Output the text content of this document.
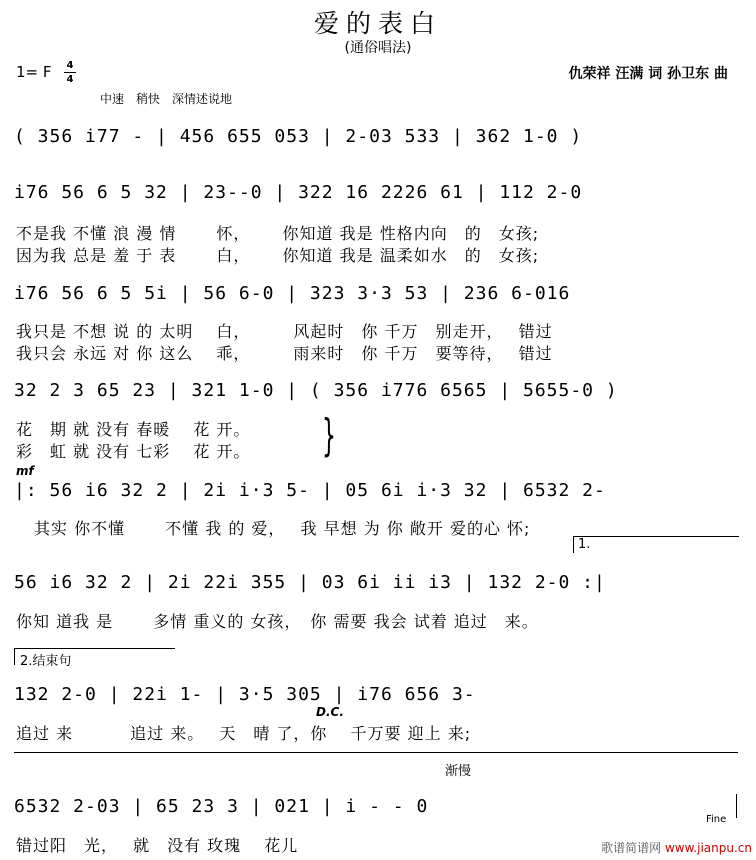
爱的表白
(通俗唱法)
1= F 4
4	仇荣祥 汪满 词 孙卫东 曲
中速　稍快　深情述说地
( 356 i77 - | 456 655 053 | 2-03 533 | 362 1-0 )
i76 56 6 5 32 | 23--0 | 322 16 2226 61 | 112 2-0
不是我 不懂 浪 漫 情　　 怀，　　 你知道 我是 性格内向　的　女孩;
因为我 总是 羞 于 表　　 白，　　 你知道 我是 温柔如水　的　女孩;
i76 56 6 5 5i | 56 6-0 | 323 3·3 53 | 236 6-016
我只是 不想 说 的 太明　 白，　　　风起时　你 千万　别走开，　 错过
我只会 永远 对 你 这么　 乖，　　　雨来时　你 千万　要等待，　 错过
32 2 3 65 23 | 321 1-0 | ( 356 i776 6565 | 5655-0 )
花　期 就 没有 春暖　 花 开。
彩　虹 就 没有 七彩　 花 开。 }
mf
|: 56 i6 32 2 | 2i i·3 5- | 05 6i i·3 32 | 6532 2-
其实 你不懂　　 不懂 我 的 爱，　 我 早想 为 你 敞开 爱的心 怀;
1.
56 i6 32 2 | 2i 22i 355 | 03 6i ii i3 | 132 2-0 :|
你知 道我 是　　 多情 重义的 女孩，　你 需要 我会 试着 追过　来。
2.结束句
132 2-0 | 22i 1- | 3·5 305 | i76 656 3-
D.C.
追过 来　　　 追过 来。　 天　晴 了，你　 千万要 迎上 来;
渐慢
6532 2-03 | 65 23 3 | 021 | i - - 0
Fine
错过阳　光，　 就　没有 玫瑰　 花儿	歌谱简谱网 www.jianpu.cn
